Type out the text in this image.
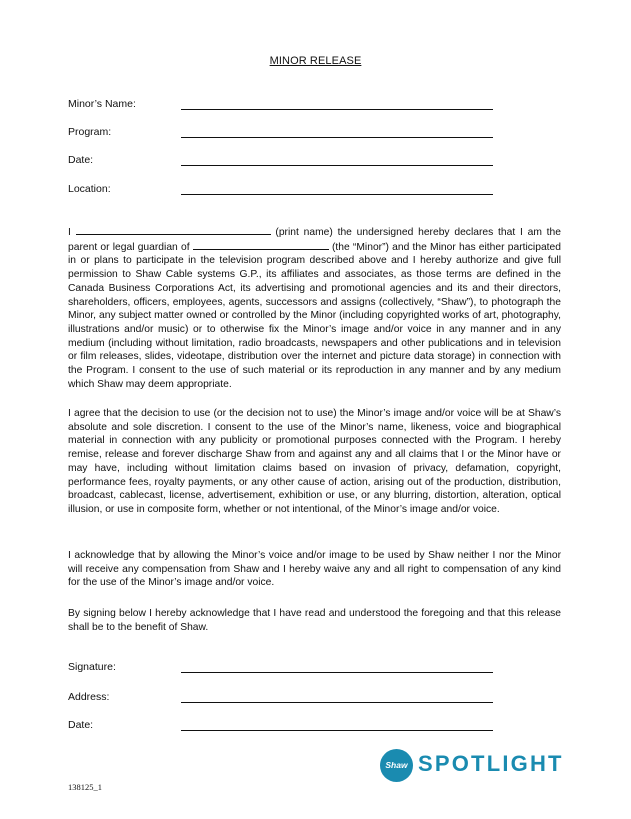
MINOR RELEASE
Minor’s Name:
Program:
Date:
Location:

I	(print name) the undersigned hereby declares that I am the parent or legal guardian of	(the “Minor”) and the Minor has either participated in or plans to participate in the television program described above and I hereby authorize and give full permission to Shaw Cable systems G.P., its affiliates and associates, as those terms are defined in the Canada Business Corporations Act, its advertising and promotional agencies and its and their directors, shareholders, officers, employees, agents, successors and assigns (collectively, “Shaw”), to photograph the Minor, any subject matter owned or controlled by the Minor (including copyrighted works of art, photography, illustrations and/or music) or to otherwise fix the Minor’s image and/or voice in any manner and in any medium (including without limitation, radio broadcasts, newspapers and other publications and in television or film releases, slides, videotape, distribution over the internet and picture data storage) in connection with the Program. I consent to the use of such material or its reproduction in any manner and by any medium which Shaw may deem appropriate.

I agree that the decision to use (or the decision not to use) the Minor’s image and/or voice will be at Shaw’s absolute and sole discretion. I consent to the use of the Minor’s name, likeness, voice and biographical material in connection with any publicity or promotional purposes connected with the Program. I hereby remise, release and forever discharge Shaw from and against any and all claims that I or the Minor have or may have, including without limitation claims based on invasion of privacy, defamation, copyright, performance fees, royalty payments, or any other cause of action, arising out of the production, distribution, broadcast, cablecast, license, advertisement, exhibition or use, or any blurring, distortion, alteration, optical illusion, or use in composite form, whether or not intentional, of the Minor’s image and/or voice.

I acknowledge that by allowing the Minor’s voice and/or image to be used by Shaw neither I nor the Minor will receive any compensation from Shaw and I hereby waive any and all right to compensation of any kind for the use of the Minor’s image and/or voice.

By signing below I hereby acknowledge that I have read and understood the foregoing and that this release shall be to the benefit of Shaw.

Signature:
Address:
Date:
Shaw SPOTLIGHT
138125_1
